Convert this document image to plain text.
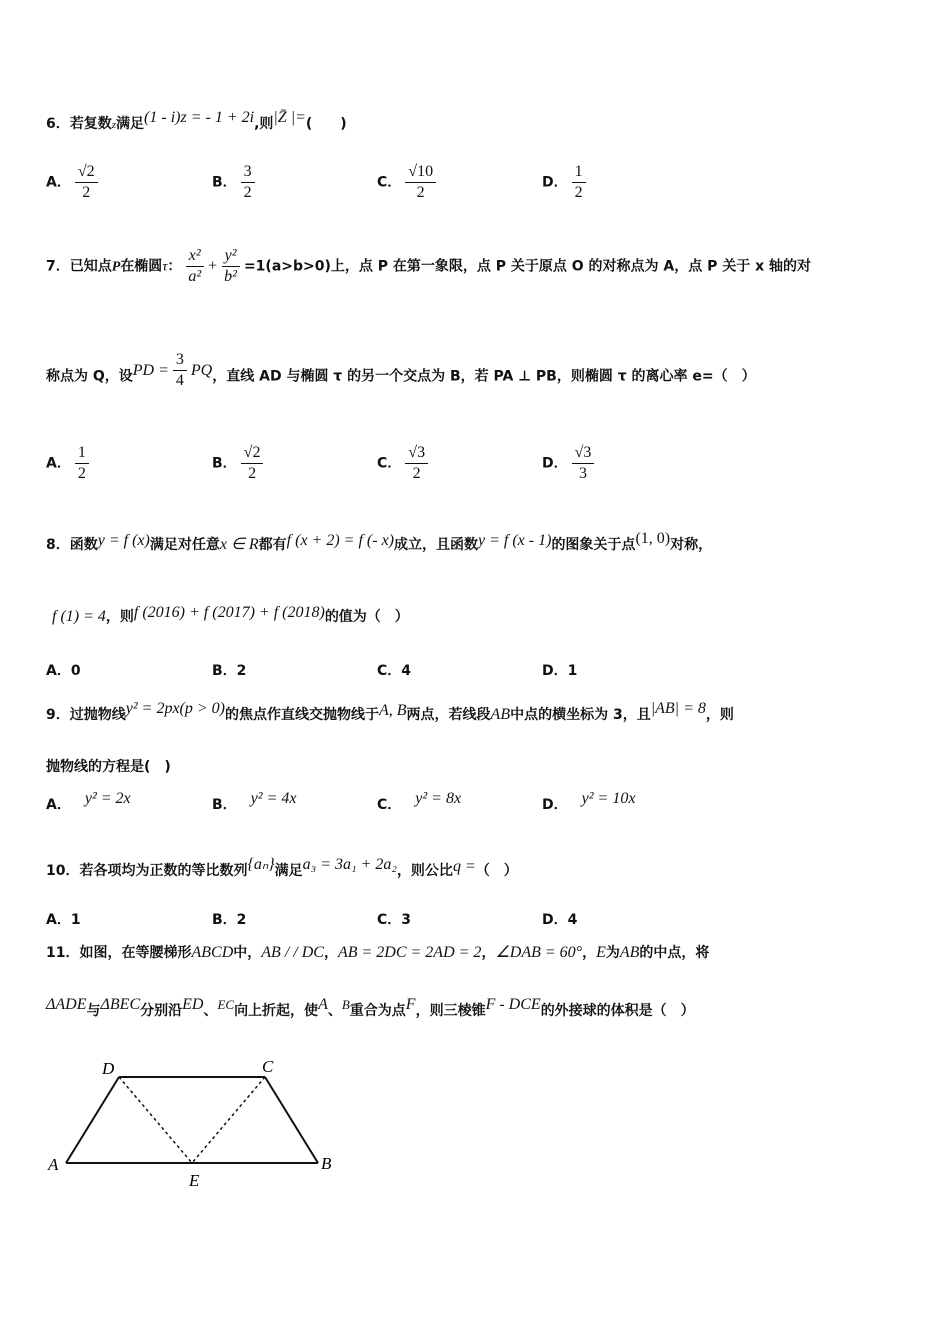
6．若复数z满足(1 - i)z = - 1 + 2i,则|Z̄ |=(　　)
A． $\frac{√2}{2}$	B． $\frac{3}{2}$	C． $\frac{√10}{2}$	D． $\frac{1}{2}$
7．已知点P在椭圆τ： $\frac{\text{x²}}{\text{a²}} + \frac{\text{y²}}{\text{b²}} =1(a>b>0)$上，点 P 在第一象限，点 P 关于原点 O 的对称点为 A，点 P 关于 x 轴的对
称点为 Q，设PD = $\frac{3}{4}$ PQ，直线 AD 与椭圆 τ 的另一个交点为 B，若 PA ⊥ PB，则椭圆 τ 的离心率 e=（　）
A． $\frac{1}{2}$	B． $\frac{√2}{2}$	C． $\frac{√3}{2}$	D． $\frac{√3}{3}$
8．函数y = f (x)满足对任意x ∈ R都有f (x + 2) = f (- x)成立，且函数y = f (x - 1)的图象关于点(1, 0)对称，
f (1) = 4，则f (2016) + f (2017) + f (2018)的值为（　）
A．0	B．2	C．4	D．1
9．过抛物线y² = 2px(p > 0)的焦点作直线交抛物线于A, B两点，若线段AB中点的横坐标为 3，且|AB| = 8，则
抛物线的方程是(　)
A． y² = 2x	B． y² = 4x	C． y² = 8x	D． y² = 10x
10．若各项均为正数的等比数列{aₙ}满足a₃ = 3a₁ + 2a₂，则公比q =（　）
A．1	B．2	C．3	D．4
11．如图，在等腰梯形ABCD中，AB / / DC，AB = 2DC = 2AD = 2，∠DAB = 60°，E为AB的中点，将
ΔADE与ΔBEC分别沿ED、EC向上折起，使A、B重合为点F，则三棱锥F - DCE的外接球的体积是（　）
D	C
A	B
E
